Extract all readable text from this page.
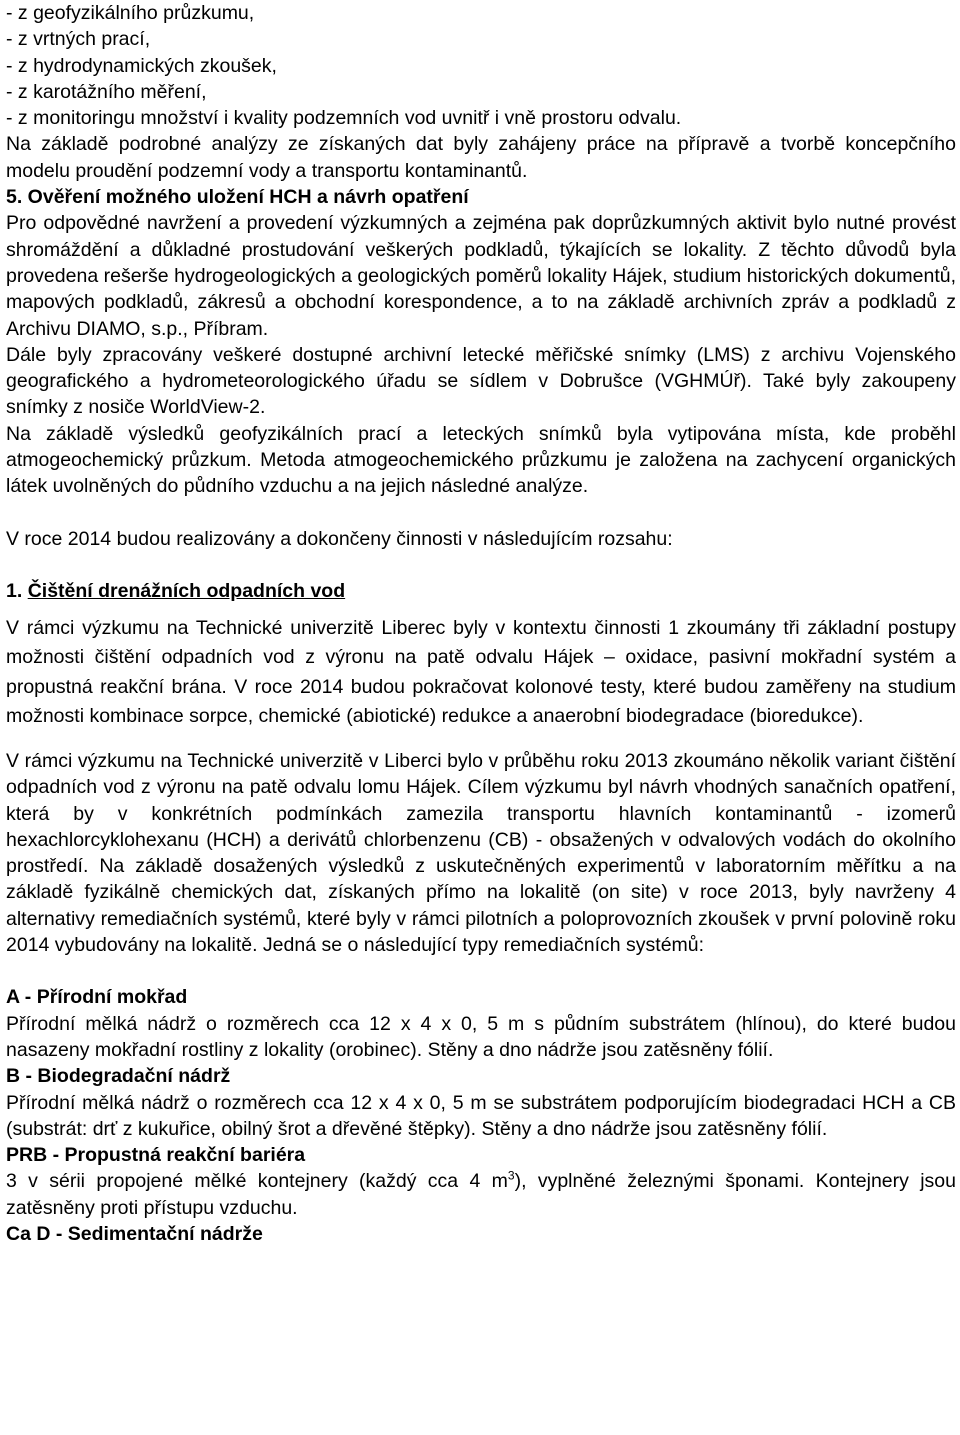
- z geofyzikálního průzkumu,

- z vrtných prací,

- z hydrodynamických zkoušek,

- z karotážního měření,

- z monitoringu množství i kvality podzemních vod uvnitř i vně prostoru odvalu.

Na základě podrobné analýzy ze získaných dat byly zahájeny práce na přípravě a tvorbě koncepčního modelu proudění podzemní vody a transportu kontaminantů.

5. Ověření možného uložení HCH a návrh opatření

Pro odpovědné navržení a provedení výzkumných a zejména pak doprůzkumných aktivit bylo nutné provést shromáždění a důkladné prostudování veškerých podkladů, týkajících se lokality. Z těchto důvodů byla provedena rešerše hydrogeologických a geologických poměrů lokality Hájek, studium historických dokumentů, mapových podkladů, zákresů a obchodní korespondence, a to na základě archivních zpráv a podkladů z Archivu DIAMO, s.p., Příbram.

Dále byly zpracovány veškeré dostupné archivní letecké měřičské snímky (LMS) z archivu Vojenského geografického a hydrometeorologického úřadu se sídlem v Dobrušce (VGHMÚř). Také byly zakoupeny snímky z nosiče WorldView-2.

Na základě výsledků geofyzikálních prací a leteckých snímků byla vytipována místa, kde proběhl atmogeochemický průzkum. Metoda atmogeochemického průzkumu je založena na zachycení organických látek uvolněných do půdního vzduchu a na jejich následné analýze.

V roce 2014 budou realizovány a dokončeny činnosti v následujícím rozsahu:

1. Čištění drenážních odpadních vod

V rámci výzkumu na Technické univerzitě Liberec byly v kontextu činnosti 1 zkoumány tři základní postupy možnosti čištění odpadních vod z výronu na patě odvalu Hájek – oxidace, pasivní mokřadní systém a propustná reakční brána. V roce 2014 budou pokračovat kolonové testy, které budou zaměřeny na studium možnosti kombinace sorpce, chemické (abiotické) redukce a anaerobní biodegradace (bioredukce).

V rámci výzkumu na Technické univerzitě v Liberci bylo v průběhu roku 2013 zkoumáno několik variant čištění odpadních vod z výronu na patě odvalu lomu Hájek. Cílem výzkumu byl návrh vhodných sanačních opatření, která by v konkrétních podmínkách zamezila transportu hlavních kontaminantů - izomerů hexachlorcyklohexanu (HCH) a derivátů chlorbenzenu (CB) - obsažených v odvalových vodách do okolního prostředí. Na základě dosažených výsledků z uskutečněných experimentů v laboratorním měřítku a na základě fyzikálně chemických dat, získaných přímo na lokalitě (on site) v roce 2013, byly navrženy 4 alternativy remediačních systémů, které byly v rámci pilotních a poloprovozních zkoušek v první polovině roku 2014 vybudovány na lokalitě. Jedná se o následující typy remediačních systémů:

A - Přírodní mokřad

Přírodní mělká nádrž o rozměrech cca 12 x 4 x 0, 5 m s půdním substrátem (hlínou), do které budou nasazeny mokřadní rostliny z lokality (orobinec). Stěny a dno nádrže jsou zatěsněny fólií.

B - Biodegradační nádrž

Přírodní mělká nádrž o rozměrech cca 12 x 4 x 0, 5 m se substrátem podporujícím biodegradaci HCH a CB (substrát: drť z kukuřice, obilný šrot a dřevěné štěpky). Stěny a dno nádrže jsou zatěsněny fólií.

PRB - Propustná reakční bariéra

3 v sérii propojené mělké kontejnery (každý cca 4 $m^3$), vyplněné železnými šponami. Kontejnery jsou zatěsněny proti přístupu vzduchu.

Ca D - Sedimentační nádrže
